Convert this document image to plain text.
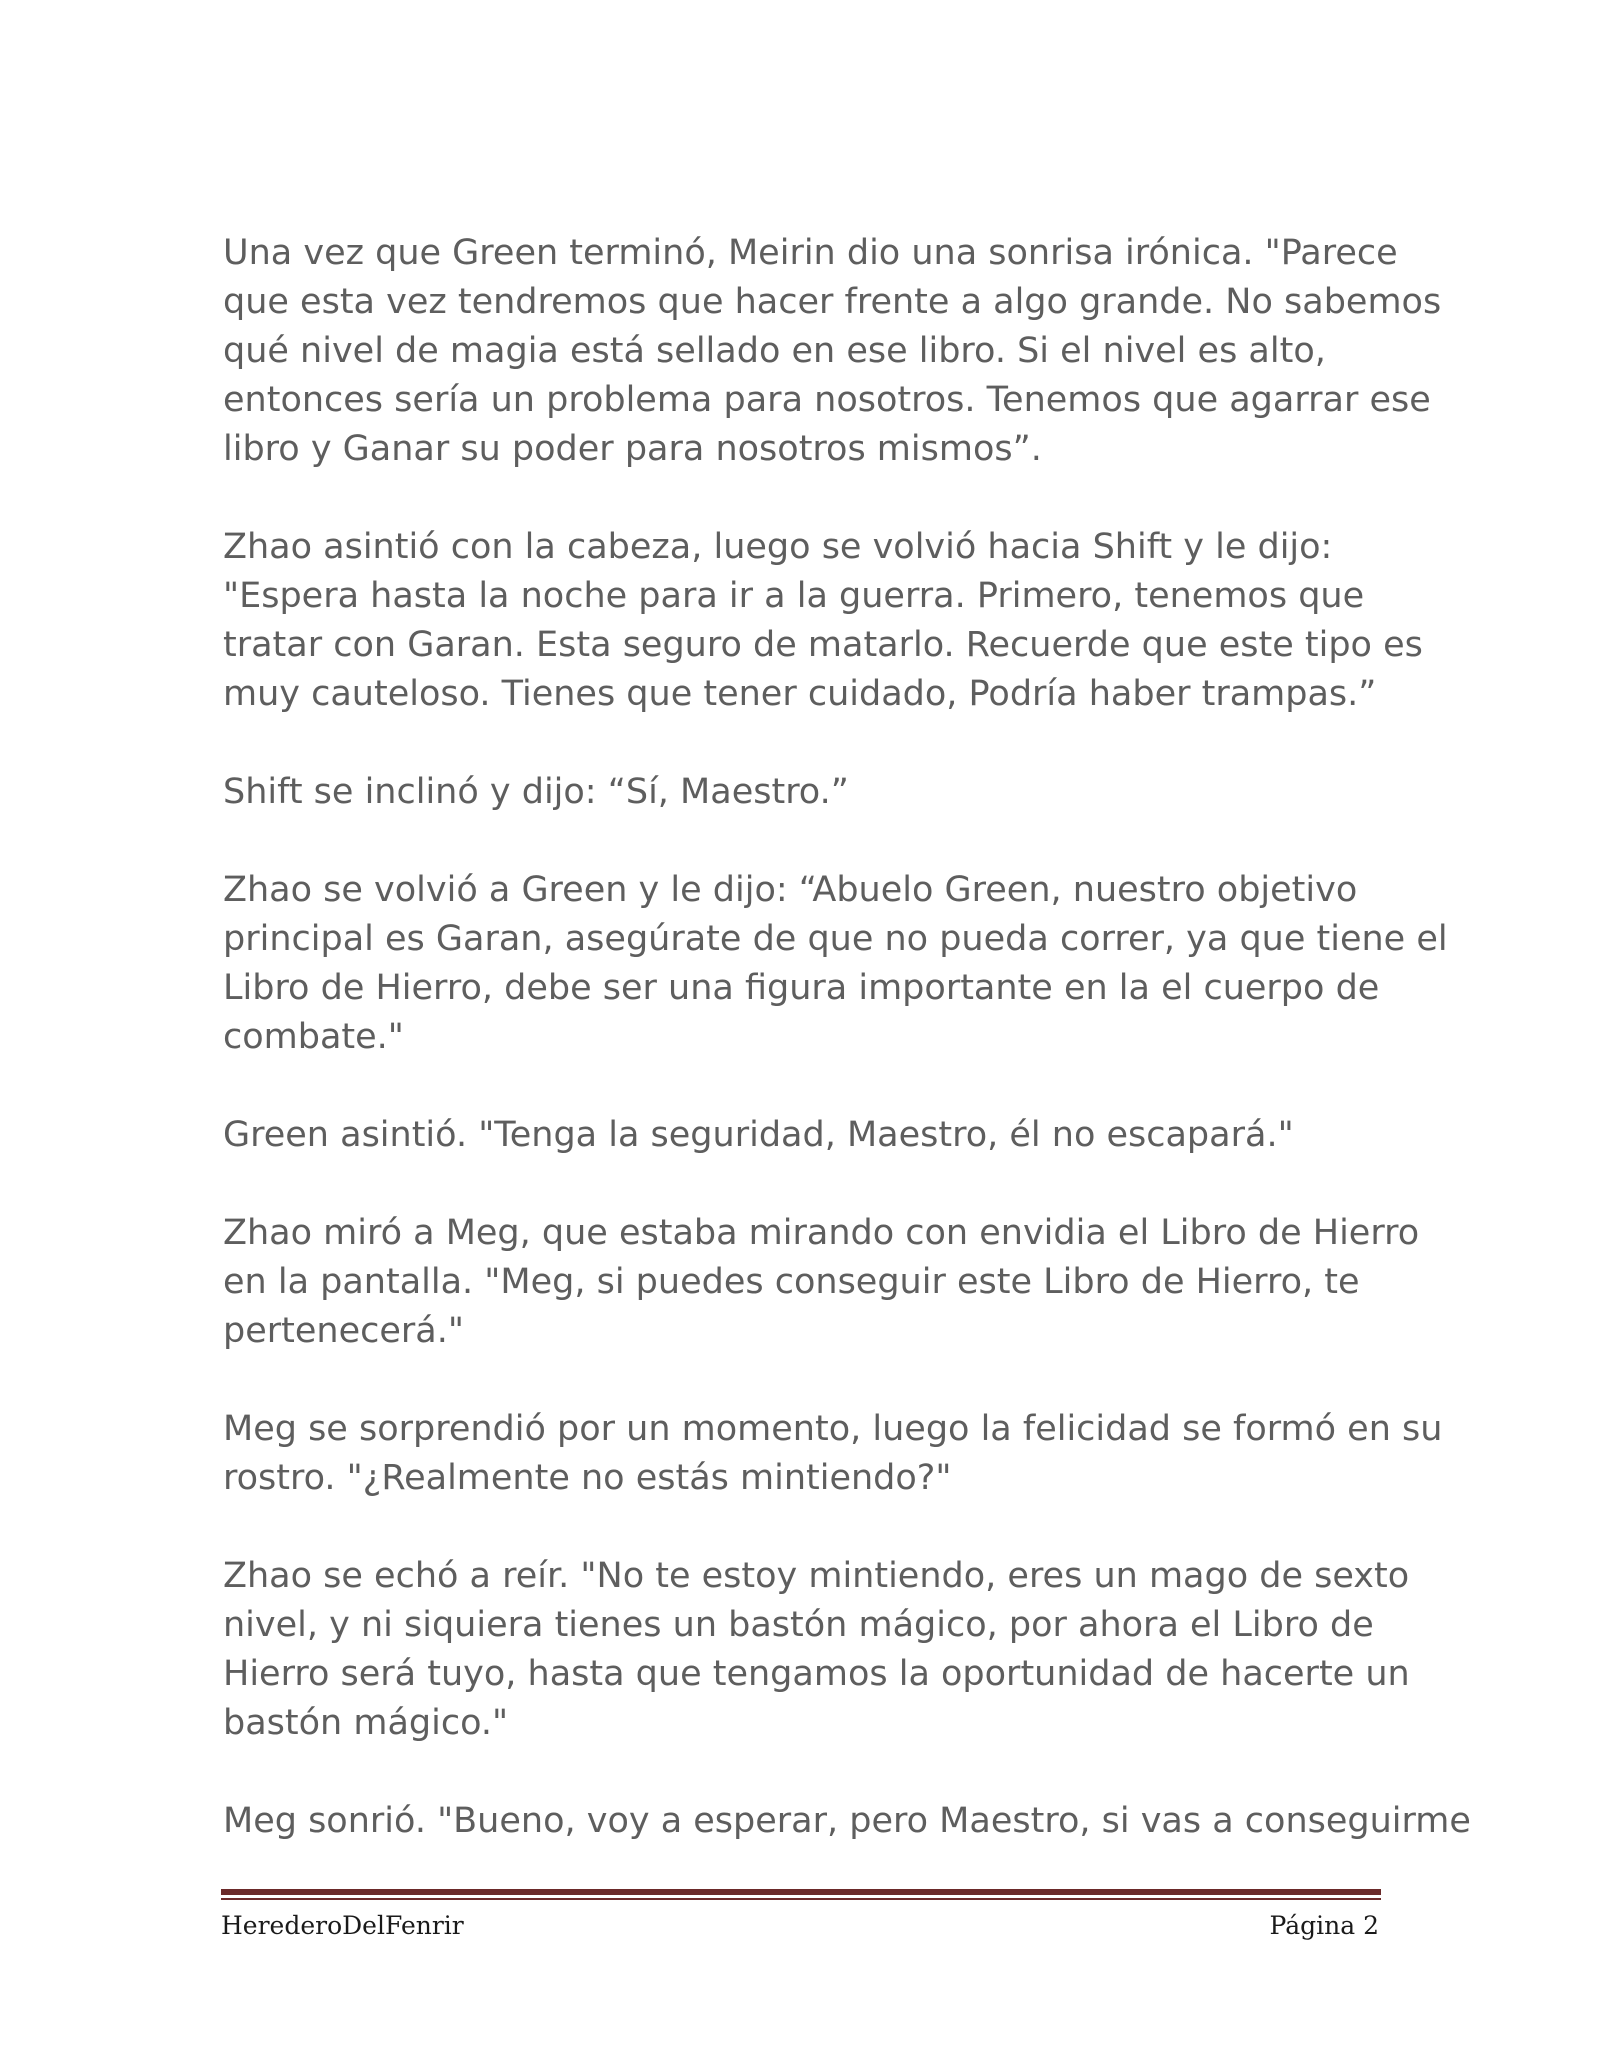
Una vez que Green terminó, Meirin dio una sonrisa irónica. "Parece
que esta vez tendremos que hacer frente a algo grande. No sabemos
qué nivel de magia está sellado en ese libro. Si el nivel es alto,
entonces sería un problema para nosotros. Tenemos que agarrar ese
libro y Ganar su poder para nosotros mismos”.

Zhao asintió con la cabeza, luego se volvió hacia Shift y le dijo:
"Espera hasta la noche para ir a la guerra. Primero, tenemos que
tratar con Garan. Esta seguro de matarlo. Recuerde que este tipo es
muy cauteloso. Tienes que tener cuidado, Podría haber trampas.”

Shift se inclinó y dijo: “Sí, Maestro.”

Zhao se volvió a Green y le dijo: “Abuelo Green, nuestro objetivo
principal es Garan, asegúrate de que no pueda correr, ya que tiene el
Libro de Hierro, debe ser una figura importante en la el cuerpo de
combate."

Green asintió. "Tenga la seguridad, Maestro, él no escapará."

Zhao miró a Meg, que estaba mirando con envidia el Libro de Hierro
en la pantalla. "Meg, si puedes conseguir este Libro de Hierro, te
pertenecerá."

Meg se sorprendió por un momento, luego la felicidad se formó en su
rostro. "¿Realmente no estás mintiendo?"

Zhao se echó a reír. "No te estoy mintiendo, eres un mago de sexto
nivel, y ni siquiera tienes un bastón mágico, por ahora el Libro de
Hierro será tuyo, hasta que tengamos la oportunidad de hacerte un
bastón mágico."

Meg sonrió. "Bueno, voy a esperar, pero Maestro, si vas a conseguirme

HerederoDelFenrir	Página 2
